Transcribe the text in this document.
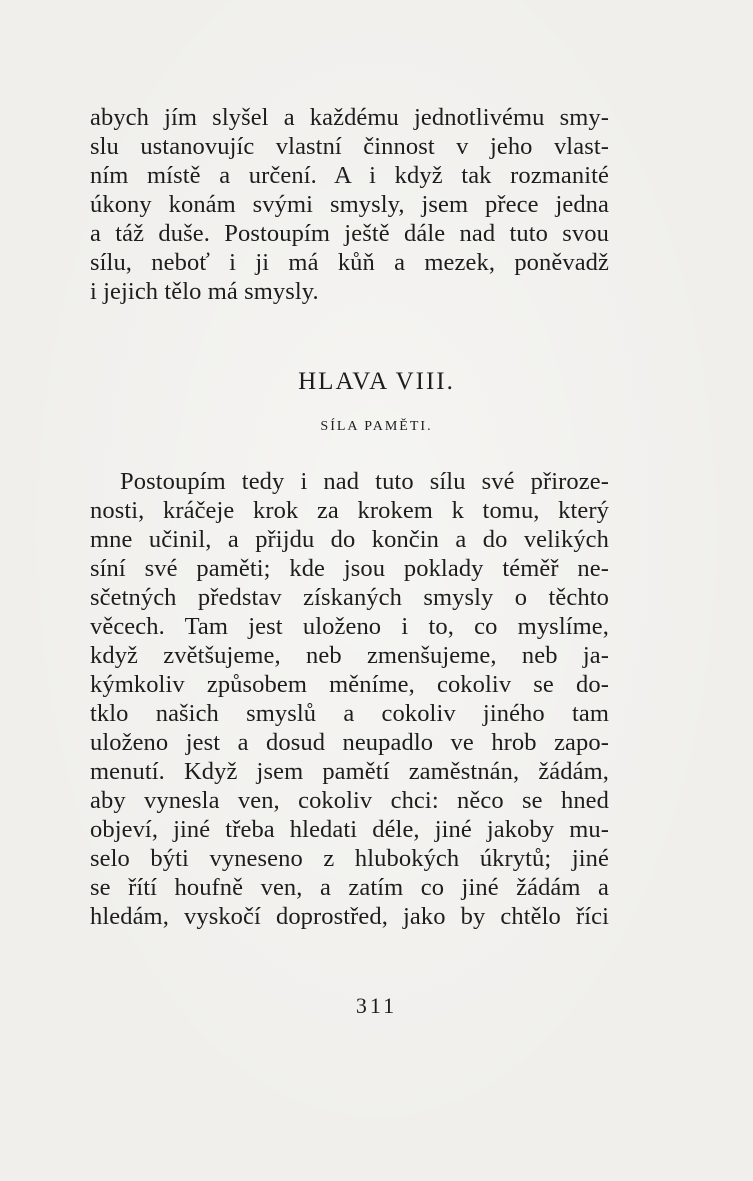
abych jím slyšel a každému jednotlivému smy-
slu ustanovujíc vlastní činnost v jeho vlast-
ním místě a určení. A i když tak rozmanité
úkony konám svými smysly, jsem přece jedna
a táž duše. Postoupím ještě dále nad tuto svou
sílu, neboť i ji má kůň a mezek, poněvadž
i jejich tělo má smysly.
HLAVA VIII.
SÍLA PAMĚTI.
Postoupím tedy i nad tuto sílu své přiroze-
nosti, kráčeje krok za krokem k tomu, který
mne učinil, a přijdu do končin a do velikých
síní své paměti; kde jsou poklady téměř ne-
sčetných představ získaných smysly o těchto
věcech. Tam jest uloženo i to, co myslíme,
když zvětšujeme, neb zmenšujeme, neb ja-
kýmkoliv způsobem měníme, cokoliv se do-
tklo našich smyslů a cokoliv jiného tam
uloženo jest a dosud neupadlo ve hrob zapo-
menutí. Když jsem pamětí zaměstnán, žádám,
aby vynesla ven, cokoliv chci: něco se hned
objeví, jiné třeba hledati déle, jiné jakoby mu-
selo býti vyneseno z hlubokých úkrytů; jiné
se řítí houfně ven, a zatím co jiné žádám a
hledám, vyskočí doprostřed, jako by chtělo říci
311
